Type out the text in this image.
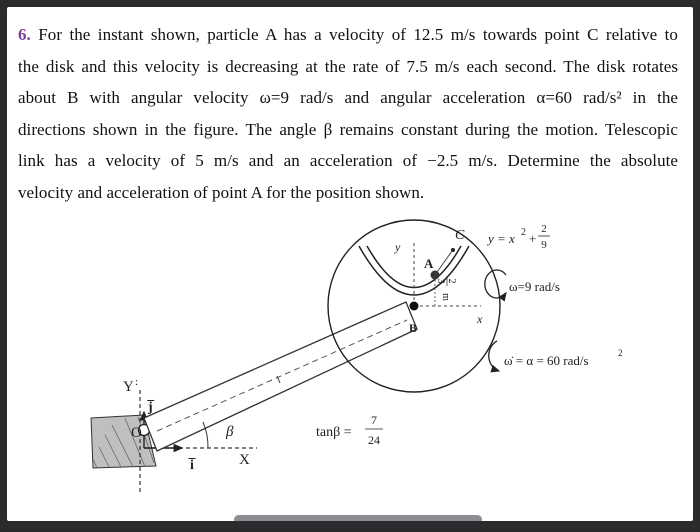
6. For the instant shown, particle A has a velocity of 12.5 m/s towards point C relative to
the disk and this velocity is decreasing at the rate of 7.5 m/s each second. The disk rotates
about B with angular velocity ω=9 rad/s and angular acceleration α=60 rad/s² in the
directions shown in the figure. The angle β remains constant during the motion. Telescopic
link has a velocity of 5 m/s and an acceleration of −2.5 m/s. Determine the absolute
velocity and acceleration of point A for the position shown.
Y :
X
j̅
i̅
O	β
y
x
A
C
B
2
3
m
y = x 2 +
2
9
ω=9 rad/s
ω̇ = α = 60 rad/s	2
tanβ =
7
24
